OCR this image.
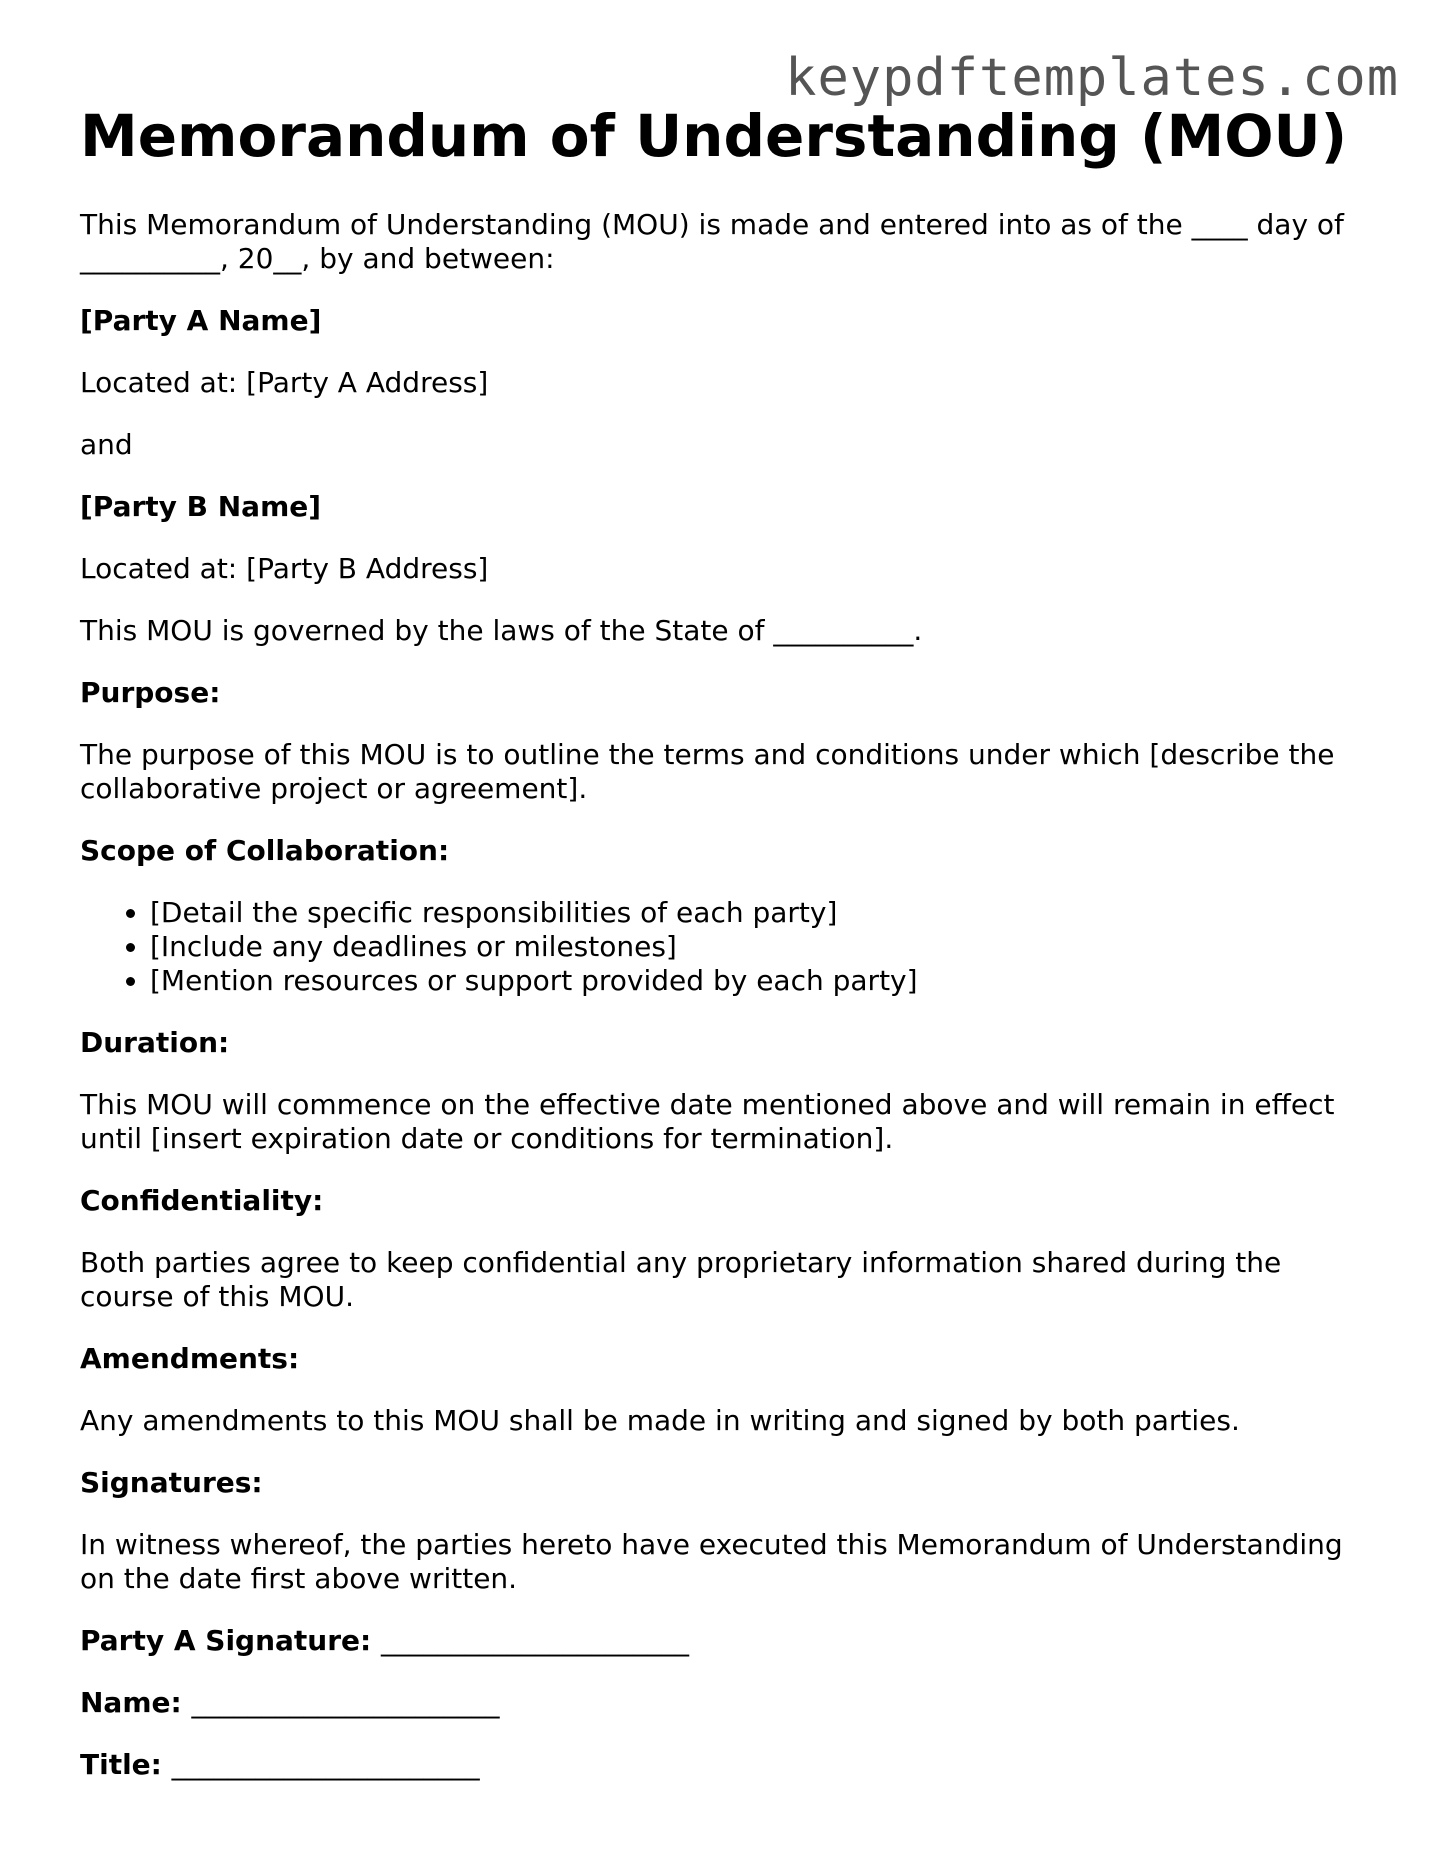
keypdftemplates.com
Memorandum of Understanding (MOU)

This Memorandum of Understanding (MOU) is made and entered into as of the ____ day of __________, 20__, by and between:

[Party A Name]

Located at: [Party A Address]

and

[Party B Name]

Located at: [Party B Address]

This MOU is governed by the laws of the State of __________.

Purpose:

The purpose of this MOU is to outline the terms and conditions under which [describe the collaborative project or agreement].

Scope of Collaboration:

• [Detail the specific responsibilities of each party]
• [Include any deadlines or milestones]
• [Mention resources or support provided by each party]

Duration:

This MOU will commence on the effective date mentioned above and will remain in effect until [insert expiration date or conditions for termination].

Confidentiality:

Both parties agree to keep confidential any proprietary information shared during the course of this MOU.

Amendments:

Any amendments to this MOU shall be made in writing and signed by both parties.

Signatures:

In witness whereof, the parties hereto have executed this Memorandum of Understanding on the date first above written.

Party A Signature: ______________________

Name: ______________________

Title: ______________________
